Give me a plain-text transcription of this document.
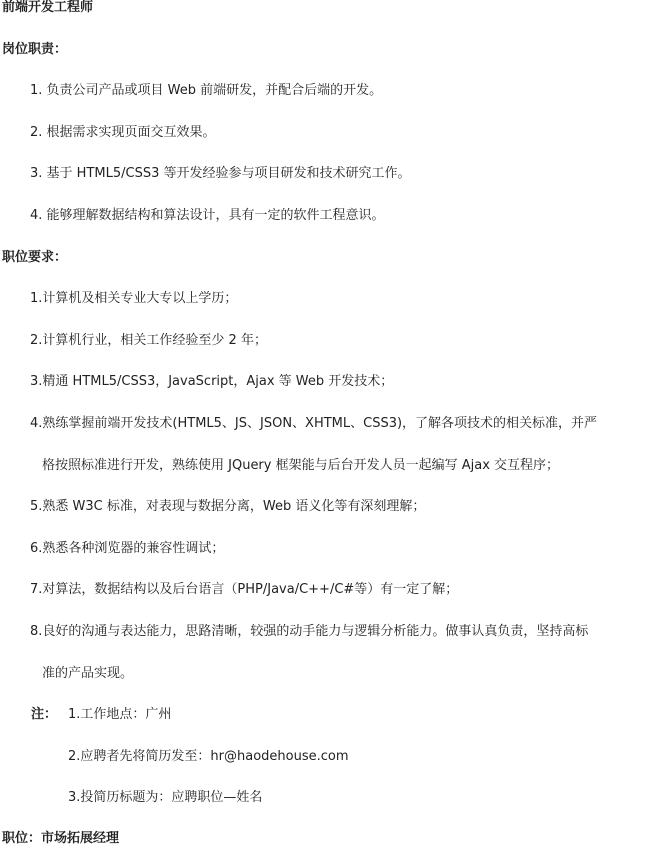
前端开发工程师
岗位职责：
1. 负责公司产品或项目 Web 前端研发，并配合后端的开发。
2. 根据需求实现页面交互效果。
3. 基于 HTML5/CSS3 等开发经验参与项目研发和技术研究工作。
4. 能够理解数据结构和算法设计，具有一定的软件工程意识。
职位要求：
1.计算机及相关专业大专以上学历；
2.计算机行业，相关工作经验至少 2 年；
3.精通 HTML5/CSS3，JavaScript，Ajax 等 Web 开发技术；
4.熟练掌握前端开发技术(HTML5、JS、JSON、XHTML、CSS3)，了解各项技术的相关标准，并严
格按照标准进行开发，熟练使用 JQuery 框架能与后台开发人员一起编写 Ajax 交互程序；
5.熟悉 W3C 标准，对表现与数据分离，Web 语义化等有深刻理解；
6.熟悉各种浏览器的兼容性调试；
7.对算法，数据结构以及后台语言（PHP/Java/C++/C#等）有一定了解；
8.良好的沟通与表达能力，思路清晰，较强的动手能力与逻辑分析能力。做事认真负责，坚持高标
准的产品实现。
注： 1.工作地点：广州
2.应聘者先将简历发至：hr@haodehouse.com
3.投简历标题为：应聘职位—姓名
职位：市场拓展经理
